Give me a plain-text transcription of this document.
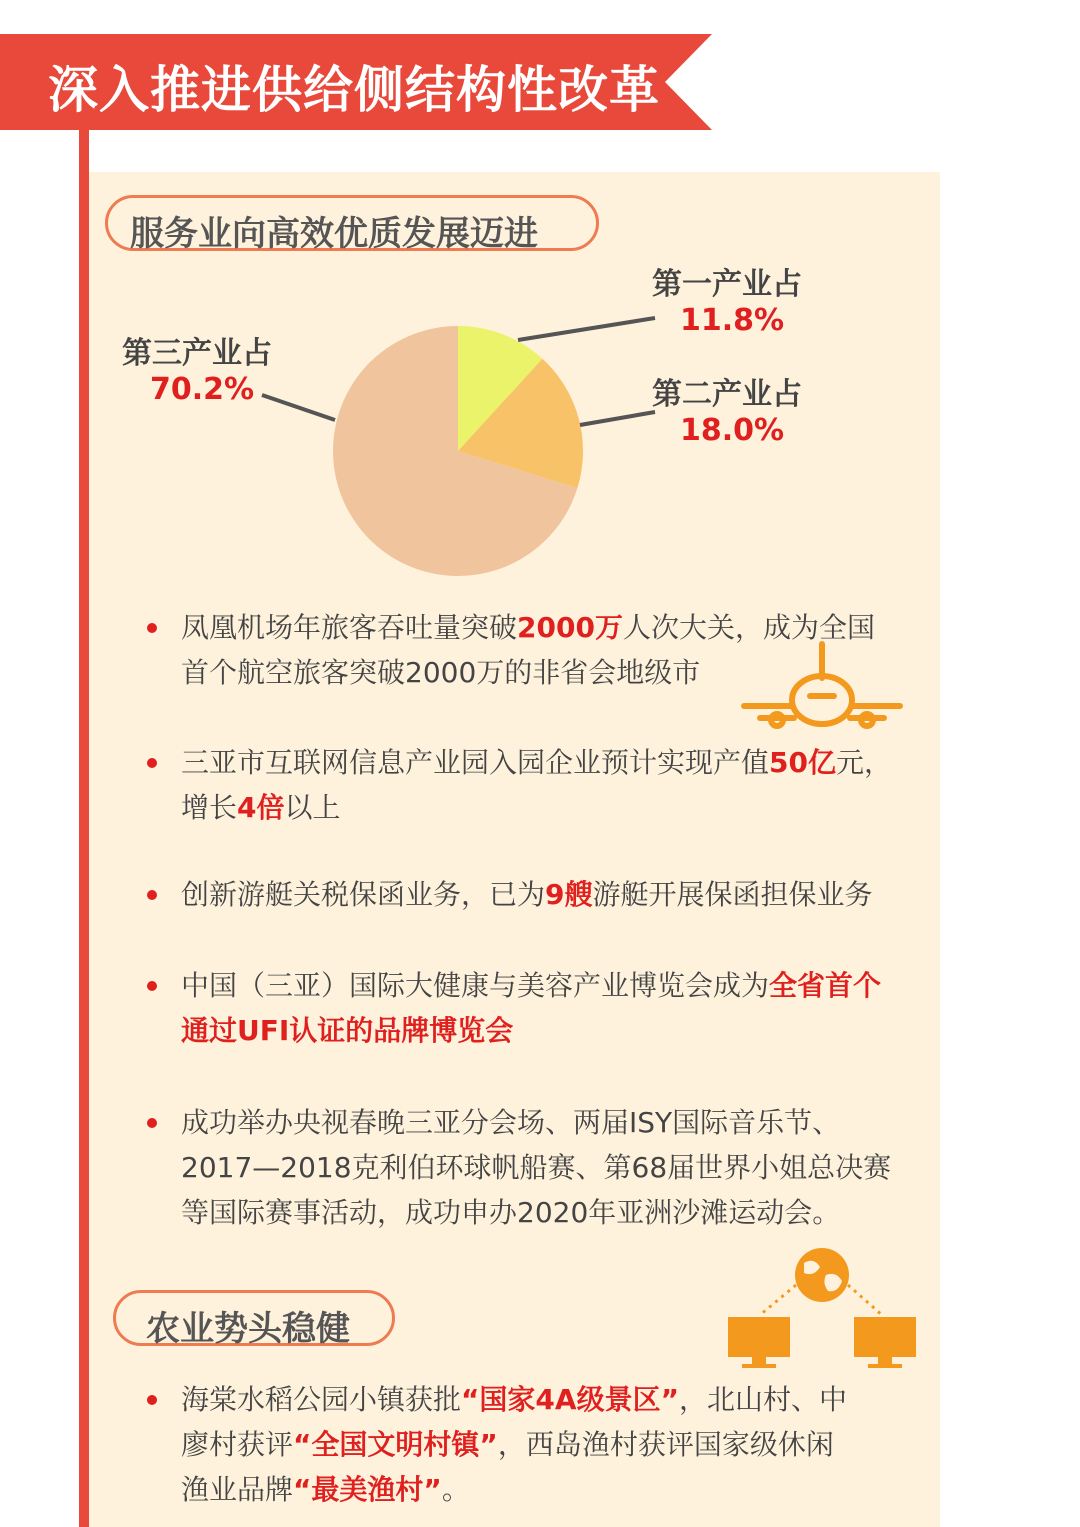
深入推进供给侧结构性改革
服务业向高效优质发展迈进
第一产业占
11.8%
第二产业占
18.0%
第三产业占
70.2%
凤凰机场年旅客吞吐量突破2000万人次大关，成为全国
首个航空旅客突破2000万的非省会地级市
三亚市互联网信息产业园入园企业预计实现产值50亿元，
增长4倍以上
创新游艇关税保函业务，已为9艘游艇开展保函担保业务
中国（三亚）国际大健康与美容产业博览会成为全省首个
通过UFI认证的品牌博览会
成功举办央视春晚三亚分会场、两届ISY国际音乐节、
2017—2018克利伯环球帆船赛、第68届世界小姐总决赛
等国际赛事活动，成功申办2020年亚洲沙滩运动会。
海棠水稻公园小镇获批“国家4A级景区”，北山村、中
廖村获评“全国文明村镇”，西岛渔村获评国家级休闲
渔业品牌“最美渔村”。
农业势头稳健
